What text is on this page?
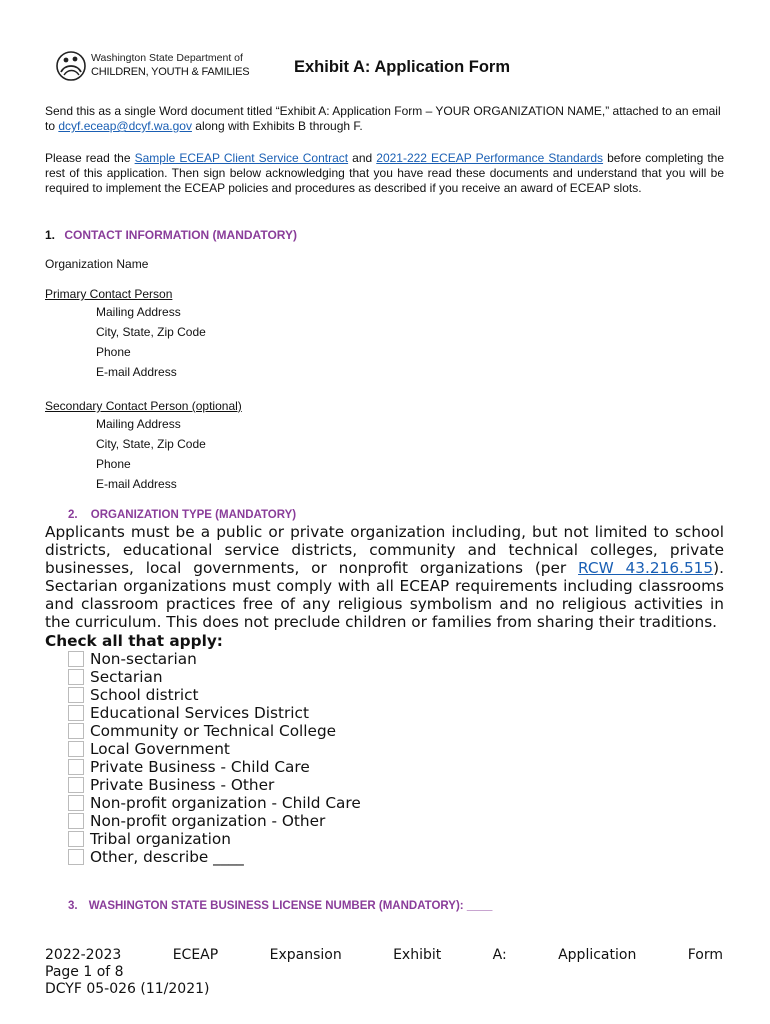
Washington State Department of
CHILDREN, YOUTH & FAMILIES	Exhibit A: Application Form
Send this as a single Word document titled “Exhibit A: Application Form – YOUR ORGANIZATION NAME,” attached to an email to dcyf.eceap@dcyf.wa.gov along with Exhibits B through F.
Please read the Sample ECEAP Client Service Contract and 2021-222 ECEAP Performance Standards before completing the rest of this application. Then sign below acknowledging that you have read these documents and understand that you will be required to implement the ECEAP policies and procedures as described if you receive an award of ECEAP slots.
1. CONTACT INFORMATION (MANDATORY)
Organization Name
Primary Contact Person
Mailing Address
City, State, Zip Code
Phone
E-mail Address
Secondary Contact Person (optional)
Mailing Address
City, State, Zip Code
Phone
E-mail Address
2. ORGANIZATION TYPE (MANDATORY)
Applicants must be a public or private organization including, but not limited to school districts, educational service districts, community and technical colleges, private businesses, local governments, or nonprofit organizations (per RCW 43.216.515). Sectarian organizations must comply with all ECEAP requirements including classrooms and classroom practices free of any religious symbolism and no religious activities in the curriculum. This does not preclude children or families from sharing their traditions.
Check all that apply:
Non-sectarian
Sectarian
School district
Educational Services District
Community or Technical College
Local Government
Private Business - Child Care
Private Business - Other
Non-profit organization - Child Care
Non-profit organization - Other
Tribal organization
Other, describe ____
3. WASHINGTON STATE BUSINESS LICENSE NUMBER (MANDATORY): ____
2022-2023	ECEAP	Expansion	Exhibit	A:	Application	Form
Page 1 of 8
DCYF 05-026 (11/2021)
